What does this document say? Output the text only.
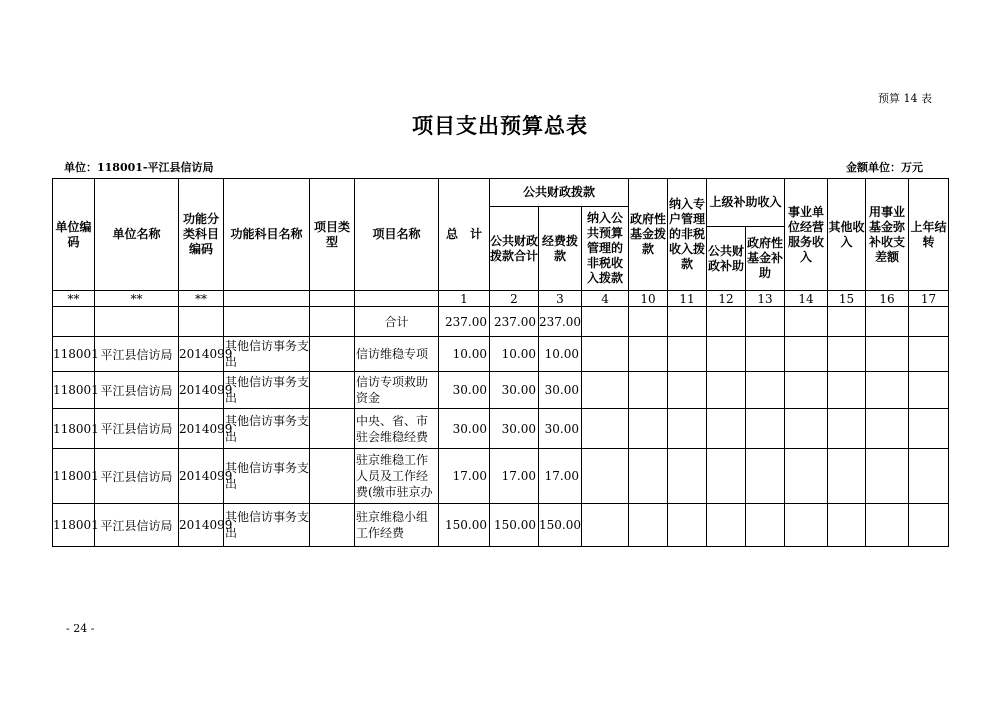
预算 14 表
项目支出预算总表
单位：118001-平江县信访局	金额单位：万元
单位编码	单位名称	功能分类科目编码	功能科目名称	项目类型	项目名称	总　计	公共财政拨款			政府性基金拨款	纳入专户管理的非税收入拨款	上级补助收入		事业单位经营服务收入	其他收入	用事业基金弥补收支差额	上年结转
							公共财政拨款合计	经费拨款	纳入公共预算管理的非税收入拨款								
												公共财政补助	政府性基金补助				
**	**	**				1	2	3	4	10	11	12	13	14	15	16	17
					合计	237.00	237.00	237.00									
118001	平江县信访局	2014099	其他信访事务支出		信访维稳专项	10.00	10.00	10.00									
118001	平江县信访局	2014099	其他信访事务支出		信访专项救助资金	30.00	30.00	30.00									
118001	平江县信访局	2014099	其他信访事务支出		中央、省、市驻会维稳经费	30.00	30.00	30.00									
118001	平江县信访局	2014099	其他信访事务支出		驻京维稳工作人员及工作经费(缴市驻京办	17.00	17.00	17.00									
118001	平江县信访局	2014099	其他信访事务支出		驻京维稳小组工作经费	150.00	150.00	150.00									
- 24 -
